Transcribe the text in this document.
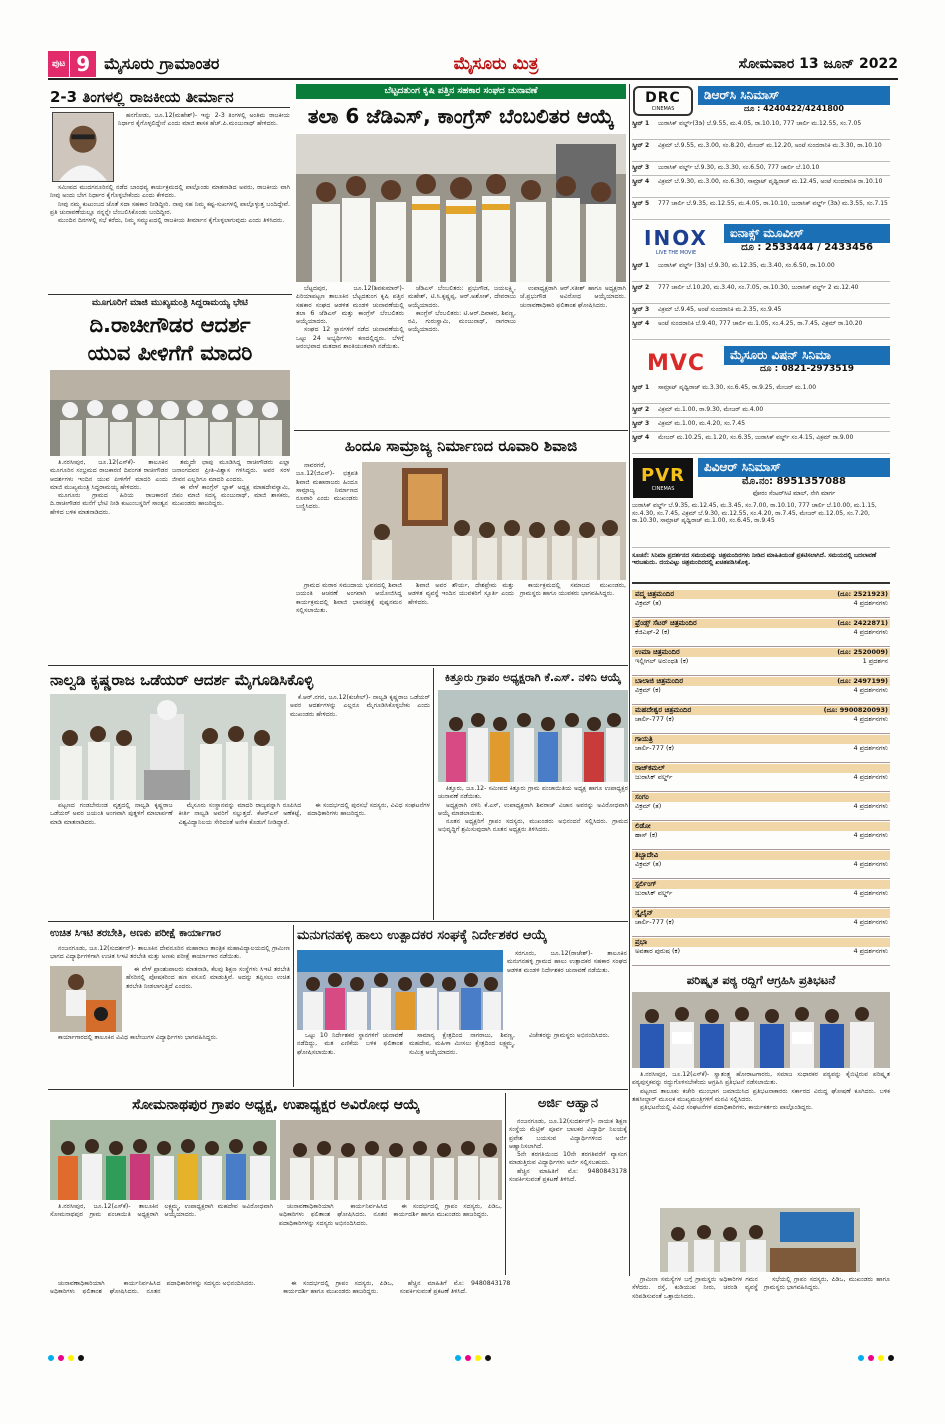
ಪುಟ 9 ಮೈಸೂರು ಗ್ರಾಮಾಂತರ	ಮೈಸೂರು ಮಿತ್ರ	ಸೋಮವಾರ 13 ಜೂನ್ 2022
2-3 ತಿಂಗಳಲ್ಲಿ ರಾಜಕೀಯ ತೀರ್ಮಾನ

ಹನಗೋಡು, ಜೂ.12(ಮಹೇಶ್)- ಇನ್ನು 2-3 ತಿಂಗಳಲ್ಲಿ ಅಂತಿಮ ರಾಜಕೀಯ ನಿರ್ಧಾರ ಕೈಗೊಳ್ಳಲಿದ್ದೇನೆ ಎಂದು ಮಾಜಿ ಶಾಸಕ ಹೆಚ್.ಪಿ.ಮಂಜುನಾಥ್ ಹೇಳಿದರು.

ಸಮೀಪದ ಮುದಗನೂರಿನಲ್ಲಿ ನಡೆದ ಬಾಂಧವ್ಯ ಕಾರ್ಯಕ್ರಮದಲ್ಲಿ ಪಾಲ್ಗೊಂಡು ಮಾತನಾಡಿದ ಅವರು, ರಾಜಕೀಯ ವಾಗಿ ನೀವು ಅಂದು ಬೇಗ ನಿರ್ಧಾರ ಕೈಗೊಳ್ಳಬೇಕೆಂದು ಎಂದು ಕೇಳಿದರು.

ನೀವು ನಮ್ಮ ಕುಟುಂಬದ ಜೊತೆ ಸದಾ ಸಹಕಾರ ನೀಡಿದ್ದೀರಿ. ನಾವು ಸಹ ನಿಮ್ಮ ಕಷ್ಟ-ಸುಖಗಳಲ್ಲಿ ಪಾಲ್ಗೊಳ್ಳುತ್ತ ಬಂದಿದ್ದೇವೆ. ಪ್ರತಿ ಚುನಾವಣೆಯಲ್ಲೂ ನನ್ನನ್ನೇ ಬೆಂಬಲಿಸಿಕೊಂಡು ಬಂದಿದ್ದೀರ.

ಮುಂದಿನ ದಿನಗಳಲ್ಲಿ ಸಭೆ ಕರೆದು, ನಿಮ್ಮ ಸಮ್ಮುಖದಲ್ಲಿ ರಾಜಕೀಯ ತೀರ್ಮಾನ ಕೈಗೊಳ್ಳಲಾಗುವುದು ಎಂದು ತಿಳಿಸಿದರು.

ಮೂಗೂರಿಗೆ ಮಾಜಿ ಮುಖ್ಯಮಂತ್ರಿ ಸಿದ್ದರಾಮಯ್ಯ ಭೇಟಿ
ದಿ.ರಾಚೀಗೌಡರ ಆದರ್ಶ
ಯುವ ಪೀಳಿಗೆಗೆ ಮಾದರಿ

ತಿ.ನರಸೀಪುರ, ಜೂ.12(ಎಸ್‍ಕೆ)- ತಾಲೂಕಿನ ಮೂಗೂರಿನ ಸಂಭ್ರಮದ ರಾಜಕಾರಣಿ ದಿವಂಗತ ರಾಚೀಗೌಡರ ಆದರ್ಶಗಳು ಇಂದಿನ ಯುವ ಪೀಳಿಗೆಗೆ ಮಾದರಿ ಎಂದು ಮಾಜಿ ಮುಖ್ಯಮಂತ್ರಿ ಸಿದ್ದರಾಮಯ್ಯ ಹೇಳಿದರು.

ಮೂಗೂರು ಗ್ರಾಮದ ಹಿರಿಯ ರಾಜಕಾರಣಿ ದಿ.ರಾಚೀಗೌಡರ ಮನೆಗೆ ಭೇಟಿ ನೀಡಿ ಕುಟುಂಬಸ್ಥರಿಗೆ ಸಾಂತ್ವನ ಹೇಳಿದ ಬಳಿಕ ಮಾತನಾಡಿದರು.

ತಮ್ಮದೇ ಛಾಪು ಮೂಡಿಸಿದ್ದ ರಾಚೀಗೌಡರು ಎಲ್ಲಾ ಜನಾಂಗದವರ ಪ್ರೀತಿ-ವಿಶ್ವಾಸ ಗಳಿಸಿದ್ದರು. ಅವರ ಸರಳ ಜೀವನ ಎಲ್ಲರಿಗೂ ಮಾದರಿ ಎಂದರು.

ಈ ವೇಳೆ ಕಾಂಗ್ರೆಸ್ ಬ್ಲಾಕ್ ಅಧ್ಯಕ್ಷ ಮಾಹದೇವಸ್ವಾಮಿ, ಜಿಪಂ ಮಾಜಿ ಸದಸ್ಯ ಮಂಜುನಾಥ್, ಮಾಜಿ ಶಾಸಕರು, ಮುಖಂಡರು ಹಾಜರಿದ್ದರು.

ಬೆಟ್ಟದತುಂಗ ಕೃಷಿ ಪತ್ತಿನ ಸಹಕಾರ ಸಂಘದ ಚುನಾವಣೆ
ತಲಾ 6 ಜೆಡಿಎಸ್, ಕಾಂಗ್ರೆಸ್ ಬೆಂಬಲಿತರ ಆಯ್ಕೆ

ಬೆಟ್ಟದಪುರ, ಜೂ.12(ಶಿವಕುಮಾರ್)- ಪಿರಿಯಾಪಟ್ಟಣ ತಾಲೂಕಿನ ಬೆಟ್ಟದತುಂಗ ಕೃಷಿ ಪತ್ತಿನ ಸಹಕಾರ ಸಂಘದ ಆಡಳಿತ ಮಂಡಳಿ ಚುನಾವಣೆಯಲ್ಲಿ ತಲಾ 6 ಜೆಡಿಎಸ್ ಮತ್ತು ಕಾಂಗ್ರೆಸ್ ಬೆಂಬಲಿತರು ಆಯ್ಕೆಯಾದರು.

ಸಂಘದ 12 ಸ್ಥಾನಗಳಿಗೆ ನಡೆದ ಚುನಾವಣೆಯಲ್ಲಿ ಒಟ್ಟು 24 ಅಭ್ಯರ್ಥಿಗಳು ಕಣದಲ್ಲಿದ್ದರು. ಬೆಳಗ್ಗೆ ಆರಂಭವಾದ ಮತದಾನ ಶಾಂತಿಯುತವಾಗಿ ನಡೆಯಿತು.

ಜೆಡಿಎಸ್ ಬೆಂಬಲಿತರು: ಪ್ರಭುಗೌಡ, ಜಯಲಕ್ಷ್ಮಿ, ಮಹೇಶ್, ಟಿ.ಸಿ.ಕೃಷ್ಣಪ್ಪ, ಆರ್.ಅಶೋಕ್, ದೇವರಾಜು ಆಯ್ಕೆಯಾದರು.

ಕಾಂಗ್ರೆಸ್ ಬೆಂಬಲಿತರು: ಟಿ.ಆರ್.ದಿವಾಕರ, ಶಿವಣ್ಣ, ರವಿ, ಗುರುಸ್ವಾಮಿ, ಮಂಜುನಾಥ್, ನಾಗರಾಜು ಆಯ್ಕೆಯಾದರು.

ಉಪಾಧ್ಯಕ್ಷರಾಗಿ ಆರ್.ಸತೀಶ್ ಹಾಗೂ ಅಧ್ಯಕ್ಷರಾಗಿ ಜೆ.ಪ್ರಭುಗೌಡ ಅವಿರೋಧ ಆಯ್ಕೆಯಾದರು. ಚುನಾವಣಾಧಿಕಾರಿ ಫಲಿತಾಂಶ ಘೋಷಿಸಿದರು.

ಹಿಂದೂ ಸಾಮ್ರಾಜ್ಯ ನಿರ್ಮಾಣದ ರೂವಾರಿ ಶಿವಾಜಿ

ನಾವರಗರೆ, ಜೂ.12(ಜಿಎಸ್)- ಛತ್ರಪತಿ ಶಿವಾಜಿ ಮಹಾರಾಜರು ಹಿಂದೂ ಸಾಮ್ರಾಜ್ಯ ನಿರ್ಮಾಣದ ರೂವಾರಿ ಎಂದು ಮುಖಂಡರು ಬಣ್ಣಿಸಿದರು.

ಗ್ರಾಮದ ಮರಾಠ ಸಮುದಾಯ ಭವನದಲ್ಲಿ ಶಿವಾಜಿ ಜಯಂತಿ ಆಚರಣೆ ಅಂಗವಾಗಿ ಆಯೋಜಿಸಿದ್ದ ಕಾರ್ಯಕ್ರಮದಲ್ಲಿ ಶಿವಾಜಿ ಭಾವಚಿತ್ರಕ್ಕೆ ಪುಷ್ಪನಮನ ಸಲ್ಲಿಸಲಾಯಿತು.

ಶಿವಾಜಿ ಅವರ ಶೌರ್ಯ, ದೇಶಪ್ರೇಮ ಮತ್ತು ಆಡಳಿತ ವ್ಯವಸ್ಥೆ ಇಂದಿನ ಯುವಕರಿಗೆ ಸ್ಫೂರ್ತಿ ಎಂದು ಹೇಳಿದರು.

ಕಾರ್ಯಕ್ರಮದಲ್ಲಿ ಸಮಾಜದ ಮುಖಂಡರು, ಗ್ರಾಮಸ್ಥರು ಹಾಗೂ ಯುವಕರು ಭಾಗವಹಿಸಿದ್ದರು.

ನಾಲ್ವಡಿ ಕೃಷ್ಣರಾಜ ಒಡೆಯರ್ ಆದರ್ಶ ಮೈಗೂಡಿಸಿಕೊಳ್ಳಿ

ಕೆ.ಆರ್.ನಗರ, ಜೂ.12(ಕುಚೇಲ್)- ನಾಲ್ವಡಿ ಕೃಷ್ಣರಾಜ ಒಡೆಯರ್ ಅವರ ಆದರ್ಶಗಳನ್ನು ಎಲ್ಲರೂ ಮೈಗೂಡಿಸಿಕೊಳ್ಳಬೇಕು ಎಂದು ಮುಖಂಡರು ಹೇಳಿದರು.

ಪಟ್ಟಣದ ಗಂಡಬೇರುಂಡ ವೃತ್ತದಲ್ಲಿ ನಾಲ್ವಡಿ ಕೃಷ್ಣರಾಜ ಒಡೆಯರ್ ಅವರ ಜಯಂತಿ ಅಂಗವಾಗಿ ಪುತ್ಥಳಿಗೆ ಮಾಲಾರ್ಪಣೆ ಮಾಡಿ ಮಾತನಾಡಿದರು.

ಮೈಸೂರು ಸಂಸ್ಥಾನವನ್ನು ಮಾದರಿ ರಾಜ್ಯವನ್ನಾಗಿ ರೂಪಿಸಿದ ಕೀರ್ತಿ ನಾಲ್ವಡಿ ಅವರಿಗೆ ಸಲ್ಲುತ್ತದೆ. ಕೆಆರ್‌ಎಸ್ ಅಣೆಕಟ್ಟೆ, ವಿಶ್ವವಿದ್ಯಾನಿಲಯ ಸೇರಿದಂತೆ ಅನೇಕ ಕೊಡುಗೆ ನೀಡಿದ್ದಾರೆ.

ಈ ಸಂದರ್ಭದಲ್ಲಿ ಪುರಸಭೆ ಸದಸ್ಯರು, ವಿವಿಧ ಸಂಘಟನೆಗಳ ಪದಾಧಿಕಾರಿಗಳು ಹಾಜರಿದ್ದರು.

ಕಿತ್ತೂರು ಗ್ರಾಪಂ ಅಧ್ಯಕ್ಷರಾಗಿ ಕೆ.ಎಸ್. ನಳಿನಿ ಆಯ್ಕೆ

ಕಿತ್ತೂರು, ಜೂ.12- ಸಮೀಪದ ಕಿತ್ತೂರು ಗ್ರಾಮ ಪಂಚಾಯಿತಿಯ ಅಧ್ಯಕ್ಷ ಹಾಗೂ ಉಪಾಧ್ಯಕ್ಷರ ಚುನಾವಣೆ ನಡೆಯಿತು.

ಅಧ್ಯಕ್ಷರಾಗಿ ನಳಿನಿ ಕೆ.ಎಸ್, ಉಪಾಧ್ಯಕ್ಷರಾಗಿ ಶಿವರಾಜ್ ವಿಜಾನ ಅವರನ್ನು ಅವಿರೋಧವಾಗಿ ಆಯ್ಕೆ ಮಾಡಲಾಯಿತು.

ನೂತನ ಅಧ್ಯಕ್ಷರಿಗೆ ಗ್ರಾಪಂ ಸದಸ್ಯರು, ಮುಖಂಡರು ಅಭಿನಂದನೆ ಸಲ್ಲಿಸಿದರು. ಗ್ರಾಮದ ಅಭಿವೃದ್ಧಿಗೆ ಶ್ರಮಿಸುವುದಾಗಿ ನೂತನ ಅಧ್ಯಕ್ಷರು ತಿಳಿಸಿದರು.

ಉಚಿತ ಸಿಇಟಿ ತರಬೇತಿ, ಅಣಕು ಪರೀಕ್ಷೆ ಕಾರ್ಯಾಗಾರ

ನಂಜನಗೂಡು, ಜೂ.12(ಸುದರ್ಶನ್)- ತಾಲೂಕಿನ ದೇವನೂರಿನ ಮಹಾರಾಜ ತಾಂತ್ರಿಕ ಮಹಾವಿದ್ಯಾಲಯದಲ್ಲಿ ಗ್ರಾಮೀಣ ಭಾಗದ ವಿದ್ಯಾರ್ಥಿಗಳಿಗಾಗಿ ಉಚಿತ ಸಿಇಟಿ ತರಬೇತಿ ಮತ್ತು ಅಣಕು ಪರೀಕ್ಷೆ ಕಾರ್ಯಾಗಾರ ನಡೆಯಿತು.

ಈ ವೇಳೆ ಪ್ರಾಂಶುಪಾಲರು ಮಾತನಾಡಿ, ಕೆಲವು ಶಿಕ್ಷಣ ಸಂಸ್ಥೆಗಳು ಸಿಇಟಿ ತರಬೇತಿ ಹೆಸರಿನಲ್ಲಿ ಪೋಷಕರಿಂದ ಹಣ ವಸೂಲಿ ಮಾಡುತ್ತಿವೆ. ಅದನ್ನು ತಪ್ಪಿಸಲು ಉಚಿತ ತರಬೇತಿ ನೀಡಲಾಗುತ್ತಿದೆ ಎಂದರು.

ಕಾರ್ಯಾಗಾರದಲ್ಲಿ ತಾಲೂಕಿನ ವಿವಿಧ ಕಾಲೇಜುಗಳ ವಿದ್ಯಾರ್ಥಿಗಳು ಭಾಗವಹಿಸಿದ್ದರು.

ಮನುಗನಹಳ್ಳಿ ಹಾಲು ಉತ್ಪಾದಕರ ಸಂಘಕ್ಕೆ ನಿರ್ದೇಶಕರ ಆಯ್ಕೆ

ಸರಗೂರು, ಜೂ.12(ರಾಜೇಶ್)- ತಾಲೂಕಿನ ಮನುಗನಹಳ್ಳಿ ಗ್ರಾಮದ ಹಾಲು ಉತ್ಪಾದಕರ ಸಹಕಾರ ಸಂಘದ ಆಡಳಿತ ಮಂಡಳಿ ನಿರ್ದೇಶಕರ ಚುನಾವಣೆ ನಡೆಯಿತು.

ಒಟ್ಟು 10 ನಿರ್ದೇಶಕರ ಸ್ಥಾನಗಳಿಗೆ ಚುನಾವಣೆ ನಡೆದಿದ್ದು, ಮತ ಎಣಿಕೆಯ ಬಳಿಕ ಫಲಿತಾಂಶ ಘೋಷಿಸಲಾಯಿತು.

ಸಾಮಾನ್ಯ ಕ್ಷೇತ್ರದಿಂದ ನಾಗರಾಜು, ಶಿವಣ್ಣ, ಮಹದೇವ, ಮಹಿಳಾ ಮೀಸಲು ಕ್ಷೇತ್ರದಿಂದ ಲಕ್ಷ್ಮಮ್ಮ, ಸುಮಿತ್ರ ಆಯ್ಕೆಯಾದರು.

ವಿಜೇತರನ್ನು ಗ್ರಾಮಸ್ಥರು ಅಭಿನಂದಿಸಿದರು.

ಸೋಮನಾಥಪುರ ಗ್ರಾಪಂ ಅಧ್ಯಕ್ಷ, ಉಪಾಧ್ಯಕ್ಷರ ಅವಿರೋಧ ಆಯ್ಕೆ

ತಿ.ನರಸೀಪುರ, ಜೂ.12(ಎಸ್‍ಕೆ)- ತಾಲೂಕಿನ ಸೋಮನಾಥಪುರ ಗ್ರಾಮ ಪಂಚಾಯಿತಿ ಅಧ್ಯಕ್ಷರಾಗಿ ಲಕ್ಷ್ಮಮ್ಮ, ಉಪಾಧ್ಯಕ್ಷರಾಗಿ ಮಹದೇವ ಅವಿರೋಧವಾಗಿ ಆಯ್ಕೆಯಾದರು.

ಚುನಾವಣಾಧಿಕಾರಿಯಾಗಿ ಕಾರ್ಯನಿರ್ವಹಿಸಿದ ಅಧಿಕಾರಿಗಳು ಫಲಿತಾಂಶ ಘೋಷಿಸಿದರು. ನೂತನ ಪದಾಧಿಕಾರಿಗಳನ್ನು ಸದಸ್ಯರು ಅಭಿನಂದಿಸಿದರು.

ಈ ಸಂದರ್ಭದಲ್ಲಿ ಗ್ರಾಪಂ ಸದಸ್ಯರು, ಪಿಡಿಒ, ಕಾರ್ಯದರ್ಶಿ ಹಾಗೂ ಮುಖಂಡರು ಹಾಜರಿದ್ದರು.

ಅರ್ಜಿ ಆಹ್ವಾನ

ನಂಜನಗೂಡು, ಜೂ.12(ಸುದರ್ಶನ್)- ನಾಯಕ ಶಿಕ್ಷಣ ಸಂಸ್ಥೆಯ ಮೆಟ್ರಿಕ್ ಪೂರ್ವ ಬಾಲಕರ ವಿದ್ಯಾರ್ಥಿ ನಿಲಯಕ್ಕೆ ಪ್ರವೇಶ ಬಯಸುವ ವಿದ್ಯಾರ್ಥಿಗಳಿಂದ ಅರ್ಜಿ ಆಹ್ವಾನಿಸಲಾಗಿದೆ.

5ನೇ ತರಗತಿಯಿಂದ 10ನೇ ತರಗತಿವರೆಗೆ ವ್ಯಾಸಂಗ ಮಾಡುತ್ತಿರುವ ವಿದ್ಯಾರ್ಥಿಗಳು ಅರ್ಜಿ ಸಲ್ಲಿಸಬಹುದು.

ಹೆಚ್ಚಿನ ಮಾಹಿತಿಗೆ ಮೊ: 9480843178 ಸಂಪರ್ಕಿಸುವಂತೆ ಪ್ರಕಟಣೆ ತಿಳಿಸಿದೆ.

DRC
CINEMAS
ಡಿಆರ್‌ಸಿ ಸಿನಿಮಾಸ್
ದೂ : 4240422/4241800
ಸ್ಕ್ರೀನ್ 1 ಜುರಾಸಿಕ್ ವರ್ಲ್ಡ್(3ಡಿ) ಬೆ.9.55, ಮ.4.05, ರಾ.10.10, 777 ಚಾರ್ಲಿ ಮ.12.55, ಸಂ.7.05
ಸ್ಕ್ರೀನ್ 2 ವಿಕ್ರಮ್ ಬೆ.9.55, ಮ.3.00, ಸಂ.8.20, ಮೇಜರ್ ಮ.12.20, ಅಂಟೆ ಸುಂದರಾನಿಕಿ ಮ.3.30, ರಾ.10.10
ಸ್ಕ್ರೀನ್ 3 ಜುರಾಸಿಕ್ ವರ್ಲ್ಡ್ ಬೆ.9.30, ಮ.3.30, ಸಂ.6.50, 777 ಚಾರ್ಲಿ ಬೆ.10.10
ಸ್ಕ್ರೀನ್ 4 ವಿಕ್ರಮ್ ಬೆ.9.30, ಮ.3.00, ಸಂ.6.30, ಸಾಮ್ರಾಟ್ ಪೃಥ್ವಿರಾಜ್ ಮ.12.45, ಅಂಟೆ ಸುಂದರಾನಿಕಿ ರಾ.10.10
ಸ್ಕ್ರೀನ್ 5 777 ಚಾರ್ಲಿ ಬೆ.9.35, ಮ.12.55, ಮ.4.05, ರಾ.10.10, ಜುರಾಸಿಕ್ ವರ್ಲ್ಡ್ (3ಡಿ) ಮ.3.55, ಸಂ.7.15
INOX
LIVE THE MOVIE
ಐನಾಕ್ಸ್ ಮೂವೀಸ್
ದೂ : 2533444 / 2433456
ಸ್ಕ್ರೀನ್ 1 ಜುರಾಸಿಕ್ ವರ್ಲ್ಡ್ (3ಡಿ) ಬೆ.9.30, ಮ.12.35, ಮ.3.40, ಸಂ.6.50, ರಾ.10.00
ಸ್ಕ್ರೀನ್ 2 777 ಚಾರ್ಲಿ ಬೆ.10.20, ಮ.3.40, ಸಂ.7.05, ರಾ.10.30, ಜುರಾಸಿಕ್ ವರ್ಲ್ಡ್ 2 ಮ.12.40
ಸ್ಕ್ರೀನ್ 3 ವಿಕ್ರಮ್ ಬೆ.9.45, ಅಂಟೆ ಸುಂದರಾನಿಕಿ ಮ.2.35, ಸಂ.9.45
ಸ್ಕ್ರೀನ್ 4 ಅಂಟೆ ಸುಂದರಾನಿಕಿ ಬೆ.9.40, 777 ಚಾರ್ಲಿ ಮ.1.05, ಸಂ.4.25, ರಾ.7.45, ವಿಕ್ರಮ್ ರಾ.10.20
MVC	ಮೈಸೂರು ವಿಷನ್ ಸಿನಿಮಾ
ದೂ : 0821-2973519
ಸ್ಕ್ರೀನ್ 1 ಸಾಮ್ರಾಟ್ ಪೃಥ್ವಿರಾಜ್ ಮ.3.30, ಸಂ.6.45, ರಾ.9.25, ಮೇಜರ್ ಮ.1.00
ಸ್ಕ್ರೀನ್ 2 ವಿಕ್ರಮ್ ಮ.1.00, ರಾ.9.30, ಮೇಜರ್ ಮ.4.00
ಸ್ಕ್ರೀನ್ 3 ವಿಕ್ರಮ್ ಮ.1.00, ಮ.4.20, ಸಂ.7.45
ಸ್ಕ್ರೀನ್ 4 ಮೇಜರ್ ಮ.10.25, ಮ.1.20, ಸಂ.6.35, ಜುರಾಸಿಕ್ ವರ್ಲ್ಡ್ ಸಂ.4.15, ವಿಕ್ರಮ್ ರಾ.9.00
PVR
CINEMAS
ಪಿವಿಆರ್ ಸಿನಿಮಾಸ್
ಮೊ.ನಂ: 8951357088
ಫೋರಂ ಸೆಂಟರ್‌ಸಿಟಿ ಮಾಲ್, ನೇಗಿ ಮಾರ್ಗ
ಜುರಾಸಿಕ್ ವರ್ಲ್ಡ್ ಬೆ.9.35, ಮ.12.45, ಮ.3.45, ಸಂ.7.00, ರಾ.10.10, 777 ಚಾರ್ಲಿ ಬೆ.10.00, ಮ.1.15, ಸಂ.4.30, ಸಂ.7.45, ವಿಕ್ರಮ್ ಬೆ.9.30, ಮ.12.55, ಸಂ.4.20, ರಾ.7.45, ಮೇಜರ್ ಮ.12.05, ಸಂ.7.20, ರಾ.10.30, ಸಾಮ್ರಾಟ್ ಪೃಥ್ವಿರಾಜ್ ಮ.1.00, ಸಂ.6.45, ರಾ.9.45
ಸೂಚನೆ: ಸಿನಿಮಾ ಪ್ರದರ್ಶನದ ಸಮಯವನ್ನು ಚಿತ್ರಮಂದಿರಗಳು ನೀಡಿದ ಮಾಹಿತಿಯಂತೆ ಪ್ರಕಟಿಸಲಾಗಿದೆ. ಸಮಯದಲ್ಲಿ ಬದಲಾವಣೆ ಇರಬಹುದು. ದಯವಿಟ್ಟು ಚಿತ್ರಮಂದಿರದಲ್ಲಿ ಖಚಿತಪಡಿಸಿಕೊಳ್ಳಿ.
ಪದ್ಮ ಚಿತ್ರಮಂದಿರ	(ದೂ: 2521923)
ವಿಕ್ರಮ್ (ತ)	4 ಪ್ರದರ್ಶನಗಳು
ಫ್ರೆಂಡ್ಸ್ ಸೆಟರ್ ಚಿತ್ರಮಂದಿರ	(ದೂ: 2422871)
ಕೆಜಿಎಫ್-2 (ಕ)	4 ಪ್ರದರ್ಶನಗಳು
ಉಮಾ ಚಿತ್ರಮಂದಿರ	(ದೂ: 2520009)
ಇಲ್ಲೀಗಲ್ ಅರುಂಧತಿ (ಕ)	1 ಪ್ರದರ್ಶನ
ಬಾಲಾಜಿ ಚಿತ್ರಮಂದಿರ	(ದೂ: 2497199)
ವಿಕ್ರಮ್ (ಕ)	4 ಪ್ರದರ್ಶನಗಳು
ಮಹದೇಶ್ವರ ಚಿತ್ರಮಂದಿರ	(ದೂ: 9900820093)
ಚಾರ್ಲಿ-777 (ಕ)	4 ಪ್ರದರ್ಶನಗಳು
ಗಾಯತ್ರಿ
ಚಾರ್ಲಿ-777 (ಕ)	4 ಪ್ರದರ್ಶನಗಳು
ರಾಜ್‌ಕಮಲ್
ಜುರಾಸಿಕ್ ವರ್ಲ್ಡ್	4 ಪ್ರದರ್ಶನಗಳು
ಸಂಗಂ
ವಿಕ್ರಮ್ (ತ)	4 ಪ್ರದರ್ಶನಗಳು
ಲಿಡೋ
ಹಾಸ್ (ಕ)	4 ಪ್ರದರ್ಶನಗಳು
ತಿಬ್ಬಾದೇವಿ
ವಿಕ್ರಮ್ (ತ)	4 ಪ್ರದರ್ಶನಗಳು
ಸ್ಟರ್ಲಿಂಗ್
ಜುರಾಸಿಕ್ ವರ್ಲ್ಡ್	4 ಪ್ರದರ್ಶನಗಳು
ಸ್ಕೈಲೈನ್
ಚಾರ್ಲಿ-777 (ಕ)	4 ಪ್ರದರ್ಶನಗಳು
ಪ್ರಭಾ
ಅವತಾರ ಪುರುಷ (ಕ)	4 ಪ್ರದರ್ಶನಗಳು
ಪರಿಷ್ಕೃತ ಪಠ್ಯ ರದ್ದಿಗೆ ಆಗ್ರಹಿಸಿ ಪ್ರತಿಭಟನೆ

ತಿ.ನರಸೀಪುರ, ಜೂ.12(ಎಸ್‍ಕೆ)- ಸ್ವಾತಂತ್ರ್ಯ ಹೋರಾಟಗಾರರು, ಸಮಾಜ ಸುಧಾರಕರ ಪಠ್ಯವನ್ನು ಕೈಬಿಟ್ಟಿರುವ ಪರಿಷ್ಕೃತ ಪಠ್ಯಪುಸ್ತಕವನ್ನು ರದ್ದುಗೊಳಿಸಬೇಕೆಂದು ಆಗ್ರಹಿಸಿ ಪ್ರತಿಭಟನೆ ನಡೆಸಲಾಯಿತು.

ಪಟ್ಟಣದ ತಾಲೂಕು ಕಚೇರಿ ಮುಂಭಾಗ ಜಮಾಯಿಸಿದ ಪ್ರತಿಭಟನಾಕಾರರು ಸರ್ಕಾರದ ವಿರುದ್ಧ ಘೋಷಣೆ ಕೂಗಿದರು. ಬಳಿಕ ತಹಸೀಲ್ದಾರ್ ಮೂಲಕ ಮುಖ್ಯಮಂತ್ರಿಗಳಿಗೆ ಮನವಿ ಸಲ್ಲಿಸಿದರು.

ಪ್ರತಿಭಟನೆಯಲ್ಲಿ ವಿವಿಧ ಸಂಘಟನೆಗಳ ಪದಾಧಿಕಾರಿಗಳು, ಕಾರ್ಯಕರ್ತರು ಪಾಲ್ಗೊಂಡಿದ್ದರು.

ಗ್ರಾಮೀಣ ಸಮಸ್ಯೆಗಳ ಬಗ್ಗೆ ಗ್ರಾಮಸ್ಥರು ಅಧಿಕಾರಿಗಳ ಗಮನ ಸೆಳೆದರು. ರಸ್ತೆ, ಕುಡಿಯುವ ನೀರು, ಚರಂಡಿ ವ್ಯವಸ್ಥೆ ಸರಿಪಡಿಸುವಂತೆ ಒತ್ತಾಯಿಸಿದರು.

ಸಭೆಯಲ್ಲಿ ಗ್ರಾಪಂ ಸದಸ್ಯರು, ಪಿಡಿಒ, ಮುಖಂಡರು ಹಾಗೂ ಗ್ರಾಮಸ್ಥರು ಭಾಗವಹಿಸಿದ್ದರು.

ಚುನಾವಣಾಧಿಕಾರಿಯಾಗಿ ಕಾರ್ಯನಿರ್ವಹಿಸಿದ ಅಧಿಕಾರಿಗಳು ಫಲಿತಾಂಶ ಘೋಷಿಸಿದರು. ನೂತನ ಪದಾಧಿಕಾರಿಗಳನ್ನು ಸದಸ್ಯರು ಅಭಿನಂದಿಸಿದರು.	ಈ ಸಂದರ್ಭದಲ್ಲಿ ಗ್ರಾಪಂ ಸದಸ್ಯರು, ಪಿಡಿಒ, ಕಾರ್ಯದರ್ಶಿ ಹಾಗೂ ಮುಖಂಡರು ಹಾಜರಿದ್ದರು.

ಹೆಚ್ಚಿನ ಮಾಹಿತಿಗೆ ಮೊ: 9480843178 ಸಂಪರ್ಕಿಸುವಂತೆ ಪ್ರಕಟಣೆ ತಿಳಿಸಿದೆ.
